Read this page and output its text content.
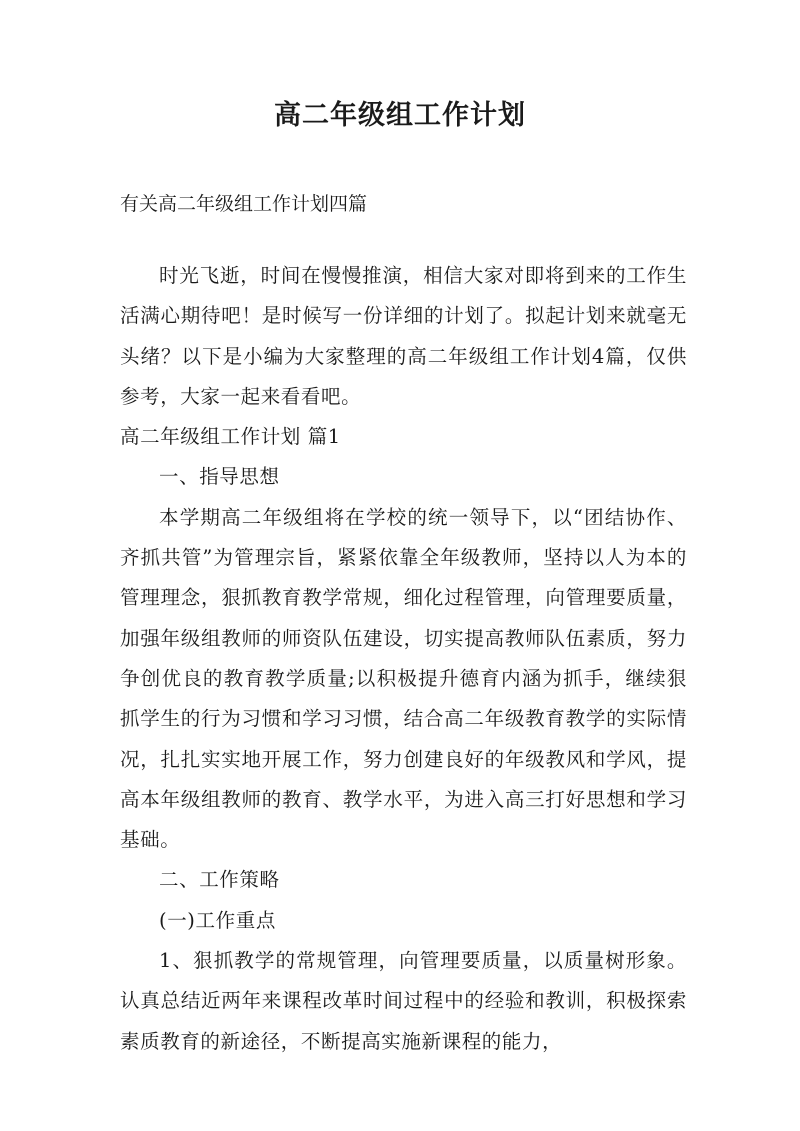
高二年级组工作计划
有关高二年级组工作计划四篇

时光飞逝，时间在慢慢推演，相信大家对即将到来的工作生活满心期待吧！是时候写一份详细的计划了。拟起计划来就毫无头绪？以下是小编为大家整理的高二年级组工作计划4篇，仅供参考，大家一起来看看吧。

高二年级组工作计划 篇1

一、指导思想

本学期高二年级组将在学校的统一领导下，以“团结协作、齐抓共管”为管理宗旨，紧紧依靠全年级教师，坚持以人为本的管理理念，狠抓教育教学常规，细化过程管理，向管理要质量，加强年级组教师的师资队伍建设，切实提高教师队伍素质，努力争创优良的教育教学质量;以积极提升德育内涵为抓手，继续狠抓学生的行为习惯和学习习惯，结合高二年级教育教学的实际情况，扎扎实实地开展工作，努力创建良好的年级教风和学风，提高本年级组教师的教育、教学水平，为进入高三打好思想和学习基础。

二、工作策略

(一)工作重点

1、狠抓教学的常规管理，向管理要质量，以质量树形象。认真总结近两年来课程改革时间过程中的经验和教训，积极探索素质教育的新途径，不断提高实施新课程的能力，
